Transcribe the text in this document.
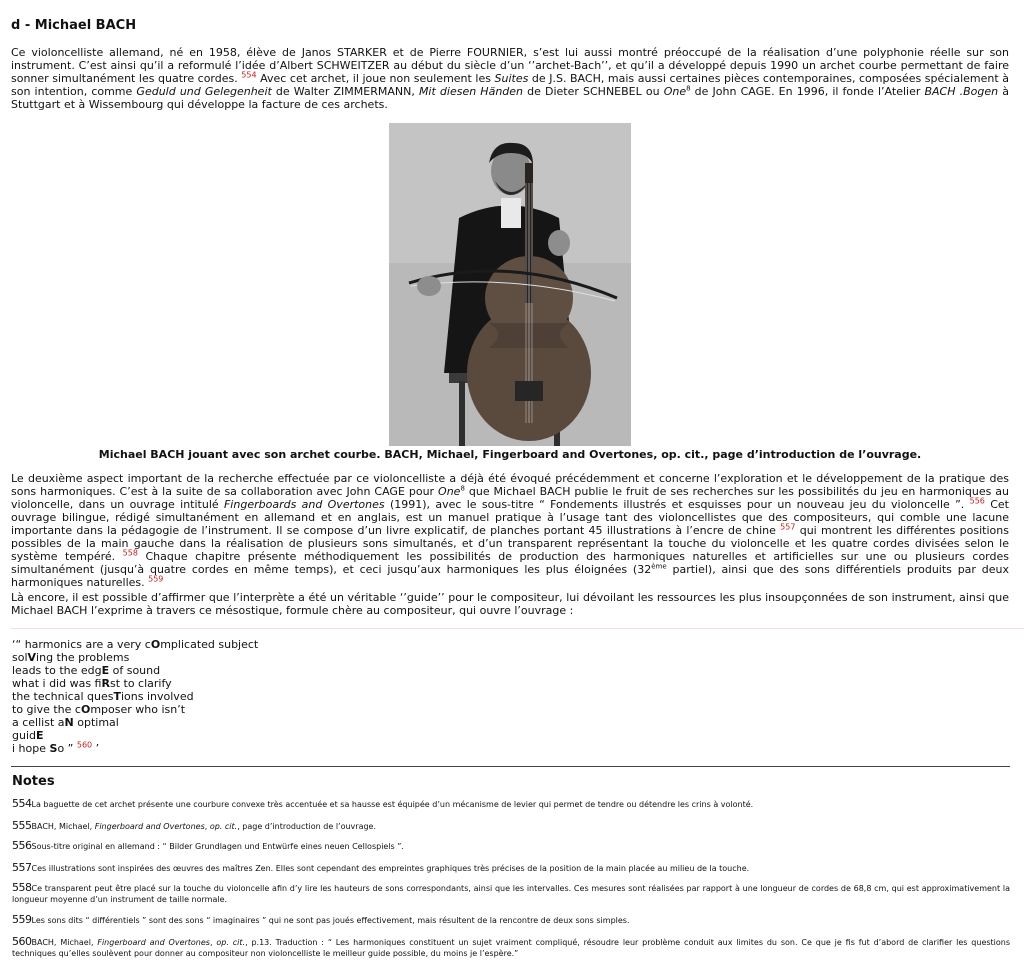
d - Michael BACH

Ce violoncelliste allemand, né en 1958, élève de Janos STARKER et de Pierre FOURNIER, s’est lui aussi montré préoccupé de la réalisation d’une polyphonie réelle sur son instrument. C’est ainsi qu’il a reformulé l’idée d’Albert SCHWEITZER au début du siècle d’un ‘’archet-Bach’’, et qu’il a développé depuis 1990 un archet courbe permettant de faire sonner simultanément les quatre cordes. $^{554}$ Avec cet archet, il joue non seulement les Suites de J.S. BACH, mais aussi certaines pièces contemporaines, composées spécialement à son intention, comme Geduld und Gelegenheit de Walter ZIMMERMANN, Mit diesen Händen de Dieter SCHNEBEL ou One$^8$ de John CAGE. En 1996, il fonde l’Atelier BACH .Bogen à Stuttgart et à Wissembourg qui développe la facture de ces archets.

Michael BACH jouant avec son archet courbe. BACH, Michael, Fingerboard and Overtones, op. cit., page d’introduction de l’ouvrage.

Le deuxième aspect important de la recherche effectuée par ce violoncelliste a déjà été évoqué précédemment et concerne l’exploration et le développement de la pratique des sons harmoniques. C’est à la suite de sa collaboration avec John CAGE pour One$^8$ que Michael BACH publie le fruit de ses recherches sur les possibilités du jeu en harmoniques au violoncelle, dans un ouvrage intitulé Fingerboards and Overtones (1991), avec le sous-titre “ Fondements illustrés et esquisses pour un nouveau jeu du violoncelle ”. $^{556}$ Cet ouvrage bilingue, rédigé simultanément en allemand et en anglais, est un manuel pratique à l’usage tant des violoncellistes que des compositeurs, qui comble une lacune importante dans la pédagogie de l’instrument. Il se compose d’un livre explicatif, de planches portant 45 illustrations à l’encre de chine $^{557}$ qui montrent les différentes positions possibles de la main gauche dans la réalisation de plusieurs sons simultanés, et d’un transparent représentant la touche du violoncelle et les quatre cordes divisées selon le système tempéré. $^{558}$ Chaque chapitre présente méthodiquement les possibilités de production des harmoniques naturelles et artificielles sur une ou plusieurs cordes simultanément (jusqu’à quatre cordes en même temps), et ceci jusqu’aux harmoniques les plus éloignées (32ème partiel), ainsi que des sons différentiels produits par deux harmoniques naturelles. $^{559}$

Là encore, il est possible d’affirmer que l’interprète a été un véritable ‘’guide’’ pour le compositeur, lui dévoilant les ressources les plus insoupçonnées de son instrument, ainsi que Michael BACH l’exprime à travers ce mésostique, formule chère au compositeur, qui ouvre l’ouvrage :

‘“ harmonics are a very cOmplicated subject
solVing the problems
leads to the edgE of sound
what i did was fiRst to clarify
the technical quesTions involved
to give the cOmposer who isn’t
a cellist aN optimal
guidE
i hope So ” $^{560}$ ’
Notes
554La baguette de cet archet présente une courbure convexe très accentuée et sa hausse est équipée d’un mécanisme de levier qui permet de tendre ou détendre les crins à volonté.
555BACH, Michael, Fingerboard and Overtones, op. cit., page d’introduction de l’ouvrage.
556Sous-titre original en allemand : “ Bilder Grundlagen und Entwürfe eines neuen Cellospiels ”.
557Ces illustrations sont inspirées des œuvres des maîtres Zen. Elles sont cependant des empreintes graphiques très précises de la position de la main placée au milieu de la touche.
558Ce transparent peut être placé sur la touche du violoncelle afin d’y lire les hauteurs de sons correspondants, ainsi que les intervalles. Ces mesures sont réalisées par rapport à une longueur de cordes de 68,8 cm, qui est approximativement la longueur moyenne d’un instrument de taille normale.
559Les sons dits “ différentiels ” sont des sons “ imaginaires ” qui ne sont pas joués effectivement, mais résultent de la rencontre de deux sons simples.
560BACH, Michael, Fingerboard and Overtones, op. cit., p.13. Traduction : “ Les harmoniques constituent un sujet vraiment compliqué, résoudre leur problème conduit aux limites du son. Ce que je fis fut d’abord de clarifier les questions techniques qu’elles soulèvent pour donner au compositeur non violoncelliste le meilleur guide possible, du moins je l’espère.”
